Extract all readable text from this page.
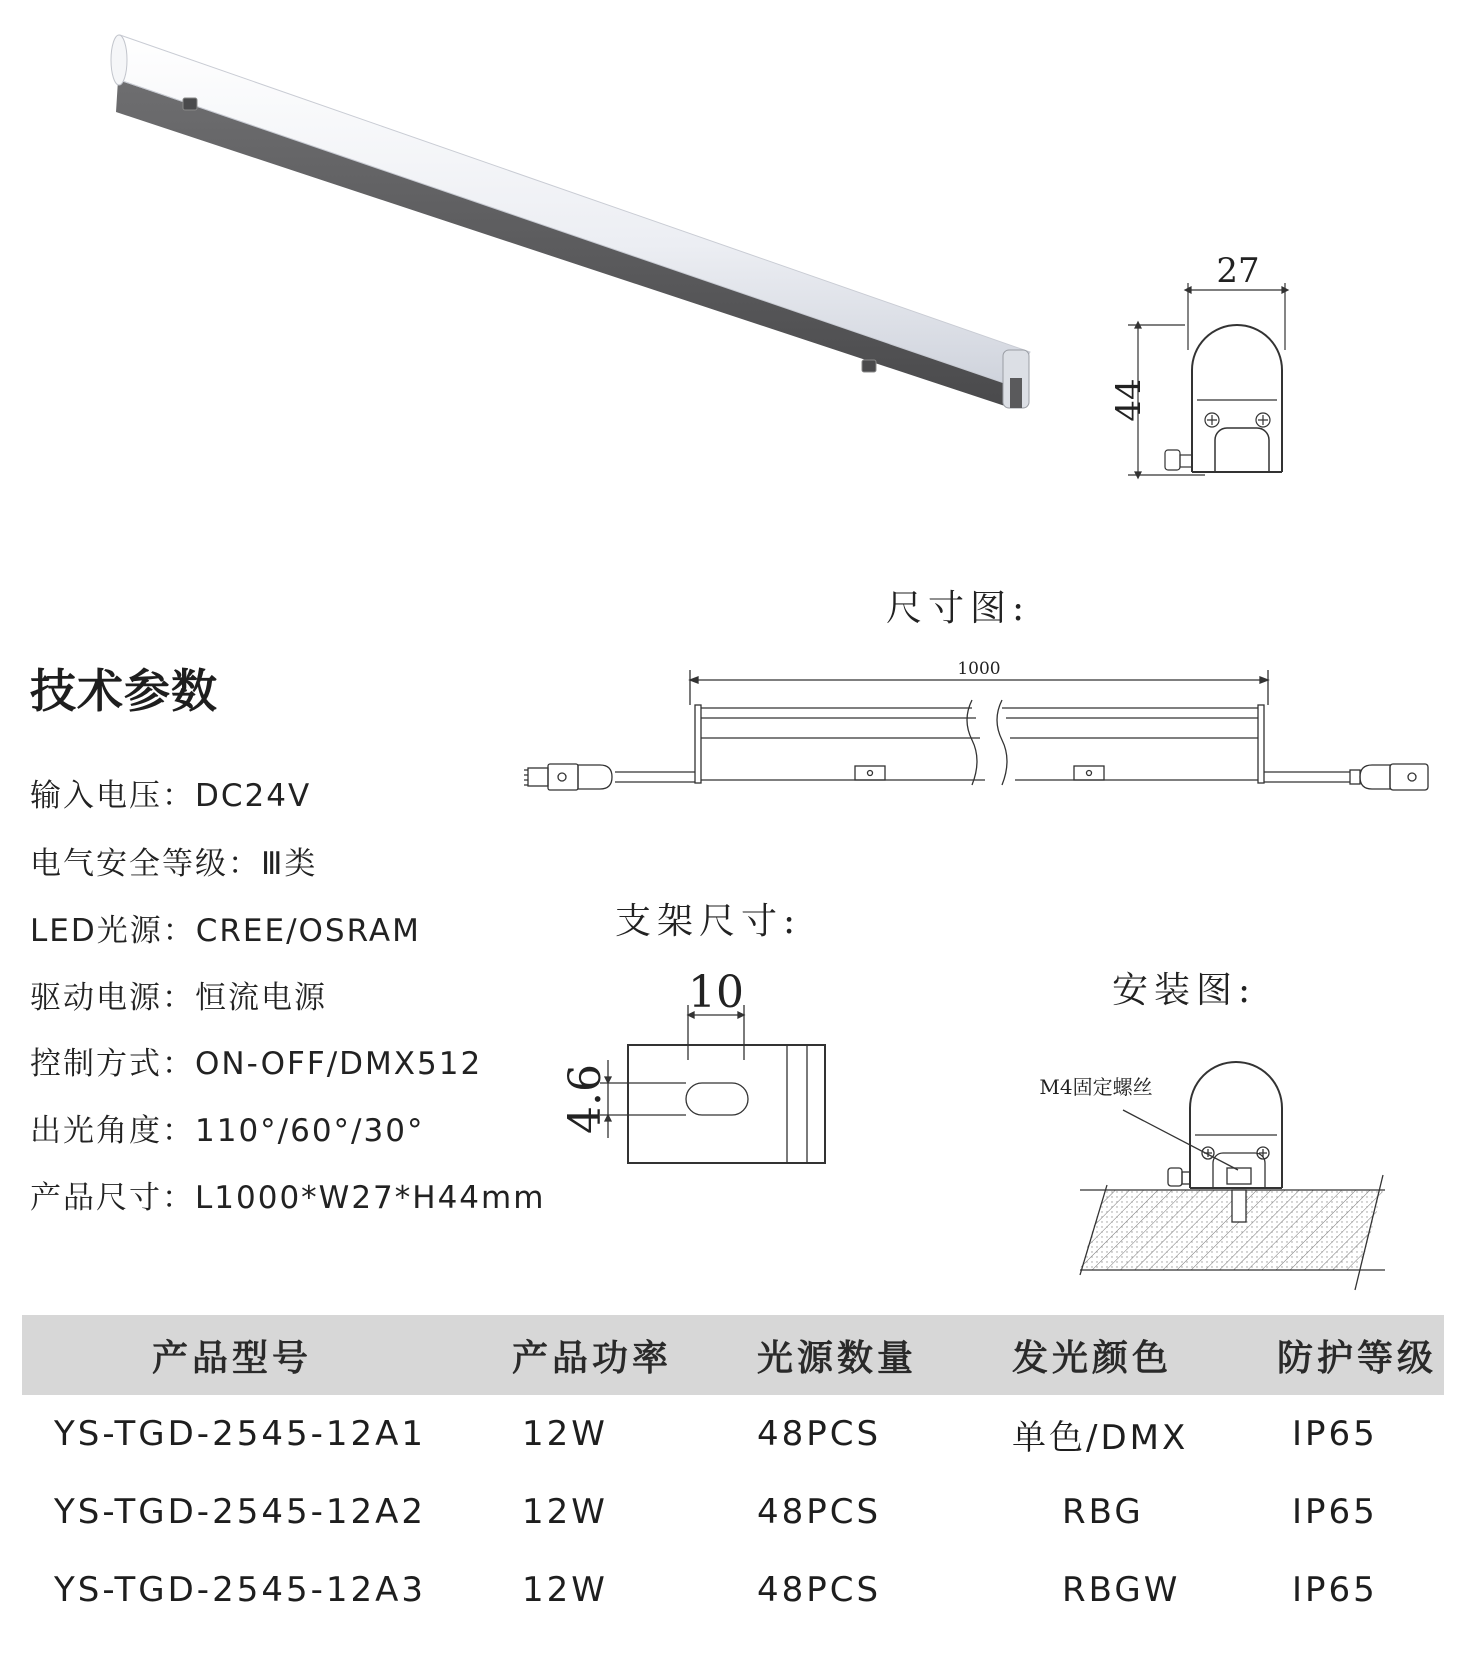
27
44
尺寸图:
1000
支架尺寸:
10
4.6
安装图:
M4固定螺丝
技术参数
输入电压：DC24V
电气安全等级：Ⅲ类
LED光源：CREE/OSRAM
驱动电源：恒流电源
控制方式：ON-OFF/DMX512
出光角度：110°/60°/30°
产品尺寸：L1000*W27*H44mm
产品型号	产品功率	光源数量	发光颜色	防护等级
YS-TGD-2545-12A1	12W	48PCS	单色/DMX	IP65
YS-TGD-2545-12A2	12W	48PCS	RBG	IP65
YS-TGD-2545-12A3	12W	48PCS	RBGW	IP65
